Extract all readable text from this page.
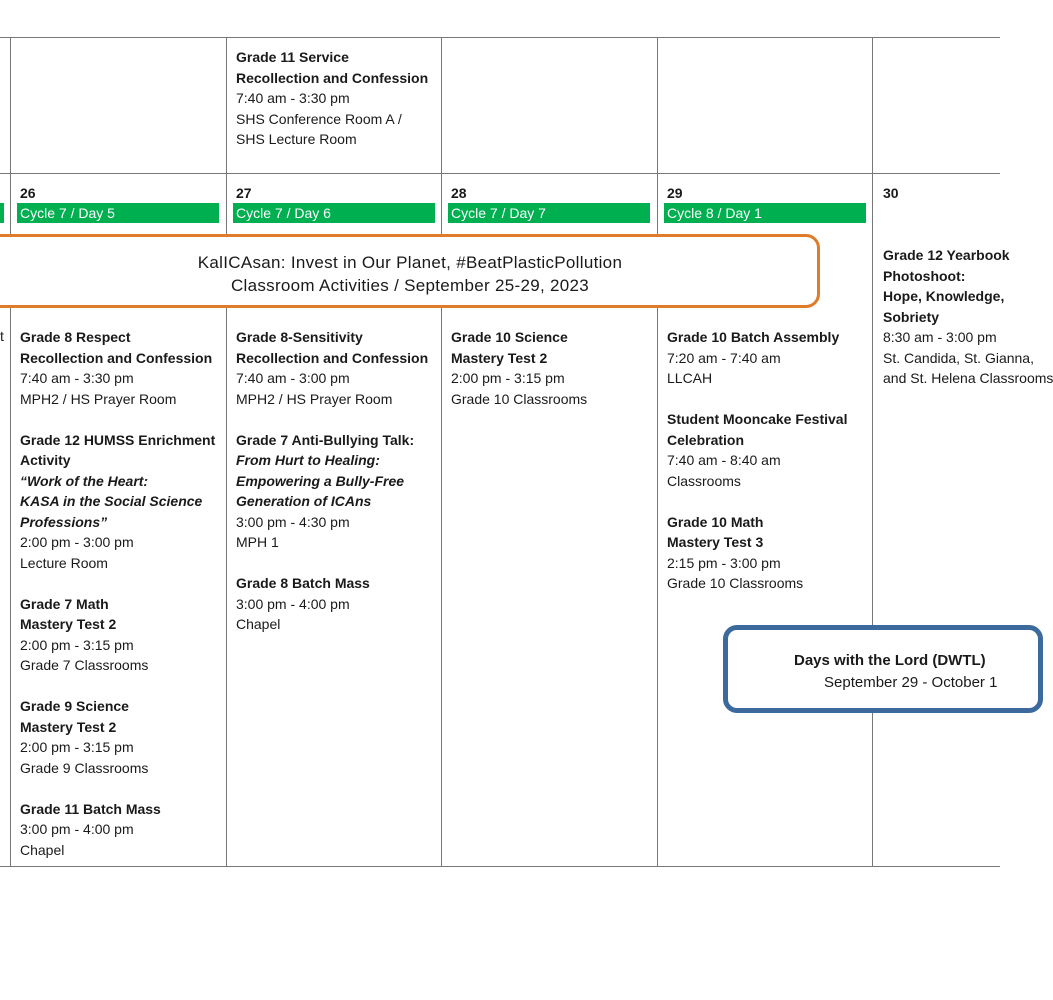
Grade 11 Service
Recollection and Confession
7:40 am - 3:30 pm
SHS Conference Room A /
SHS Lecture Room
t
26
Cycle 7 / Day 5
27
Cycle 7 / Day 6
28
Cycle 7 / Day 7
29
Cycle 8 / Day 1
30
Grade 8 Respect
Recollection and Confession
7:40 am - 3:30 pm
MPH2 / HS Prayer Room
Grade 12 HUMSS Enrichment
Activity
“Work of the Heart:
KASA in the Social Science
Professions”
2:00 pm - 3:00 pm
Lecture Room
Grade 7 Math
Mastery Test 2
2:00 pm - 3:15 pm
Grade 7 Classrooms
Grade 9 Science
Mastery Test 2
2:00 pm - 3:15 pm
Grade 9 Classrooms
Grade 11 Batch Mass
3:00 pm - 4:00 pm
Chapel
Grade 8-Sensitivity
Recollection and Confession
7:40 am - 3:00 pm
MPH2 / HS Prayer Room
Grade 7 Anti-Bullying Talk:
From Hurt to Healing:
Empowering a Bully-Free
Generation of ICAns
3:00 pm - 4:30 pm
MPH 1
Grade 8 Batch Mass
3:00 pm - 4:00 pm
Chapel
Grade 10 Science
Mastery Test 2
2:00 pm - 3:15 pm
Grade 10 Classrooms
Grade 10 Batch Assembly
7:20 am - 7:40 am
LLCAH
Student Mooncake Festival
Celebration
7:40 am - 8:40 am
Classrooms
Grade 10 Math
Mastery Test 3
2:15 pm - 3:00 pm
Grade 10 Classrooms
Grade 12 Yearbook
Photoshoot:
Hope, Knowledge,
Sobriety
8:30 am - 3:00 pm
St. Candida, St. Gianna,
and St. Helena Classrooms
KalICAsan: Invest in Our Planet, #BeatPlasticPollution
Classroom Activities / September 25-29, 2023
Days with the Lord (DWTL)
September 29 - October 1
